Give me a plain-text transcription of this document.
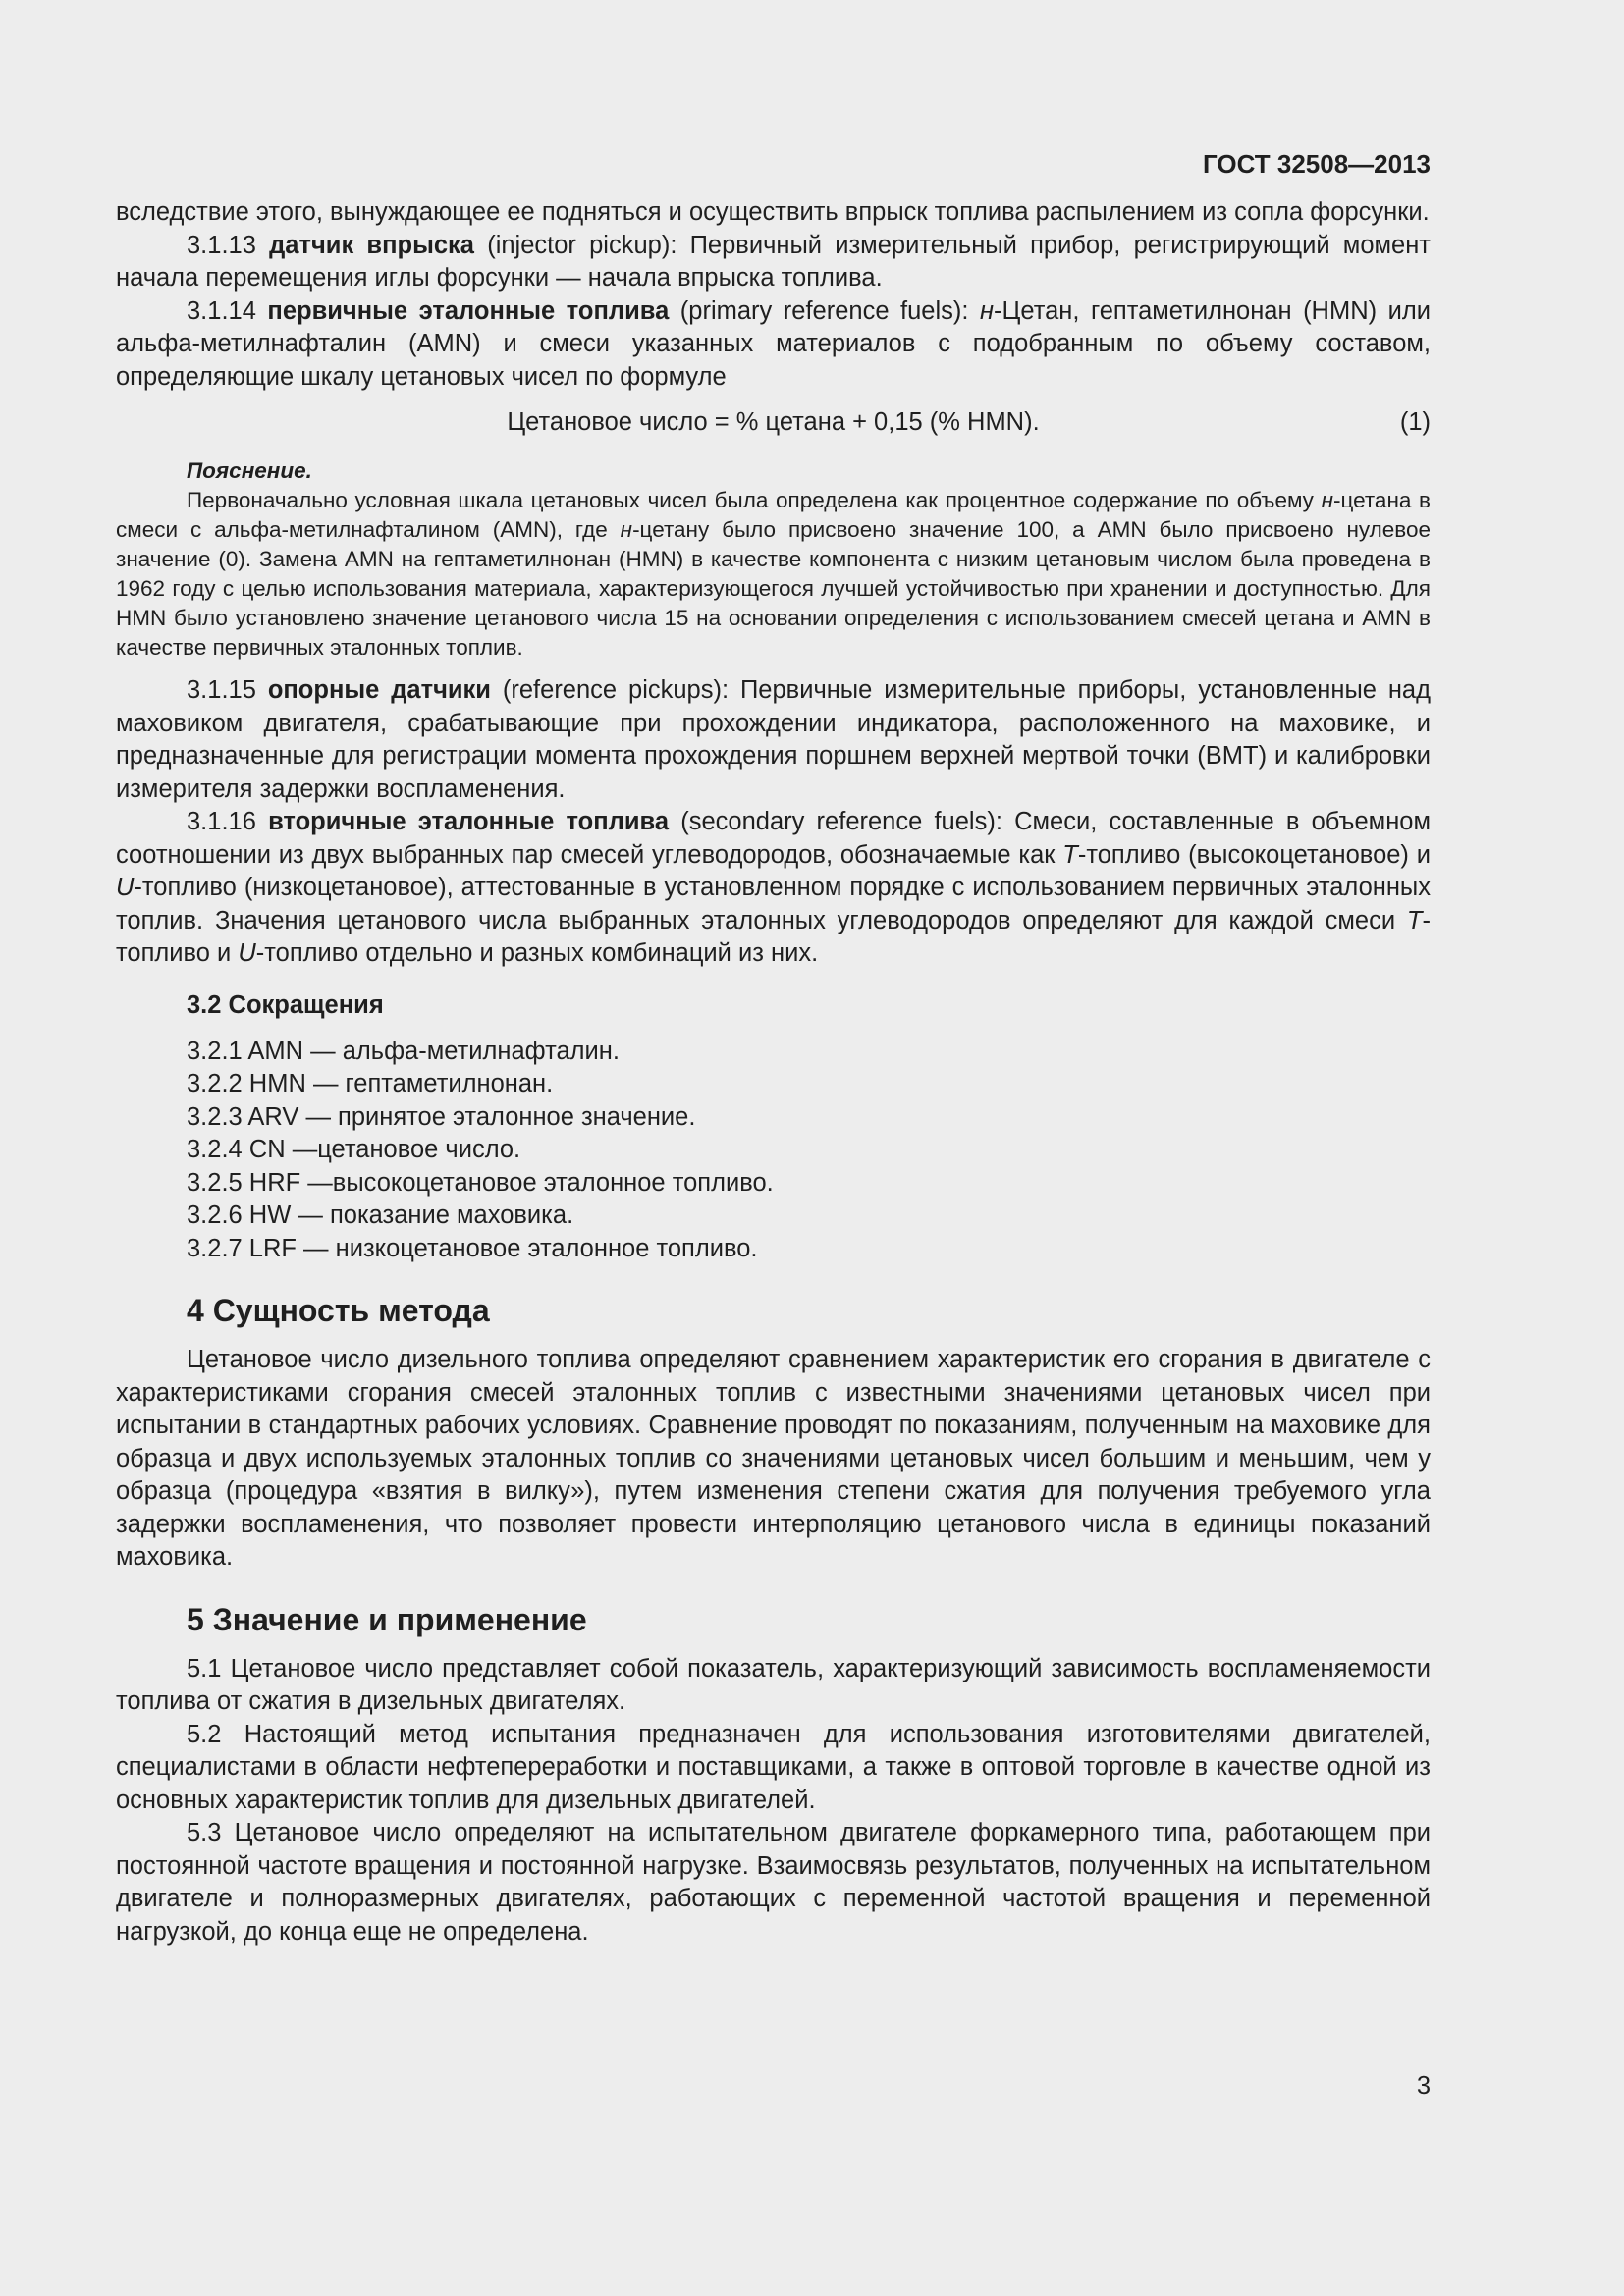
ГОСТ 32508—2013

вследствие этого, вынуждающее ее подняться и осуществить впрыск топлива распылением из сопла форсунки.

3.1.13 датчик впрыска (injector pickup): Первичный измерительный прибор, регистрирующий момент начала перемещения иглы форсунки — начала впрыска топлива.

3.1.14 первичные эталонные топлива (primary reference fuels): н-Цетан, гептаметилнонан (HMN) или альфа-метилнафталин (AMN) и смеси указанных материалов с подобранным по объему составом, определяющие шкалу цетановых чисел по формуле

Цетановое число = % цетана + 0,15 (% HMN).	(1)
Пояснение.

Первоначально условная шкала цетановых чисел была определена как процентное содержание по объему н-цетана в смеси с альфа-метилнафталином (AMN), где н-цетану было присвоено значение 100, а AMN было присвоено нулевое значение (0). Замена AMN на гептаметилнонан (HMN) в качестве компонента с низким цетановым числом была проведена в 1962 году с целью использования материала, характеризующегося лучшей устойчивостью при хранении и доступностью. Для HMN было установлено значение цетанового числа 15 на основании определения с использованием смесей цетана и AMN в качестве первичных эталонных топлив.

3.1.15 опорные датчики (reference pickups): Первичные измерительные приборы, установленные над маховиком двигателя, срабатывающие при прохождении индикатора, расположенного на маховике, и предназначенные для регистрации момента прохождения поршнем верхней мертвой точки (ВМТ) и калибровки измерителя задержки воспламенения.

3.1.16 вторичные эталонные топлива (secondary reference fuels): Смеси, составленные в объемном соотношении из двух выбранных пар смесей углеводородов, обозначаемые как T-топливо (высокоцетановое) и U-топливо (низкоцетановое), аттестованные в установленном порядке с использованием первичных эталонных топлив. Значения цетанового числа выбранных эталонных углеводородов определяют для каждой смеси T-топливо и U-топливо отдельно и разных комбинаций из них.

3.2 Сокращения
3.2.1 AMN — альфа-метилнафталин.
3.2.2 HMN — гептаметилнонан.
3.2.3 ARV — принятое эталонное значение.
3.2.4 CN —цетановое число.
3.2.5 HRF —высокоцетановое эталонное топливо.
3.2.6 HW — показание маховика.
3.2.7 LRF — низкоцетановое эталонное топливо.
4 Сущность метода

Цетановое число дизельного топлива определяют сравнением характеристик его сгорания в двигателе с характеристиками сгорания смесей эталонных топлив с известными значениями цетановых чисел при испытании в стандартных рабочих условиях. Сравнение проводят по показаниям, полученным на маховике для образца и двух используемых эталонных топлив со значениями цетановых чисел большим и меньшим, чем у образца (процедура «взятия в вилку»), путем изменения степени сжатия для получения требуемого угла задержки воспламенения, что позволяет провести интерполяцию цетанового числа в единицы показаний маховика.

5 Значение и применение

5.1 Цетановое число представляет собой показатель, характеризующий зависимость воспламеняемости топлива от сжатия в дизельных двигателях.

5.2 Настоящий метод испытания предназначен для использования изготовителями двигателей, специалистами в области нефтепереработки и поставщиками, а также в оптовой торговле в качестве одной из основных характеристик топлив для дизельных двигателей.

5.3 Цетановое число определяют на испытательном двигателе форкамерного типа, работающем при постоянной частоте вращения и постоянной нагрузке. Взаимосвязь результатов, полученных на испытательном двигателе и полноразмерных двигателях, работающих с переменной частотой вращения и переменной нагрузкой, до конца еще не определена.

3
